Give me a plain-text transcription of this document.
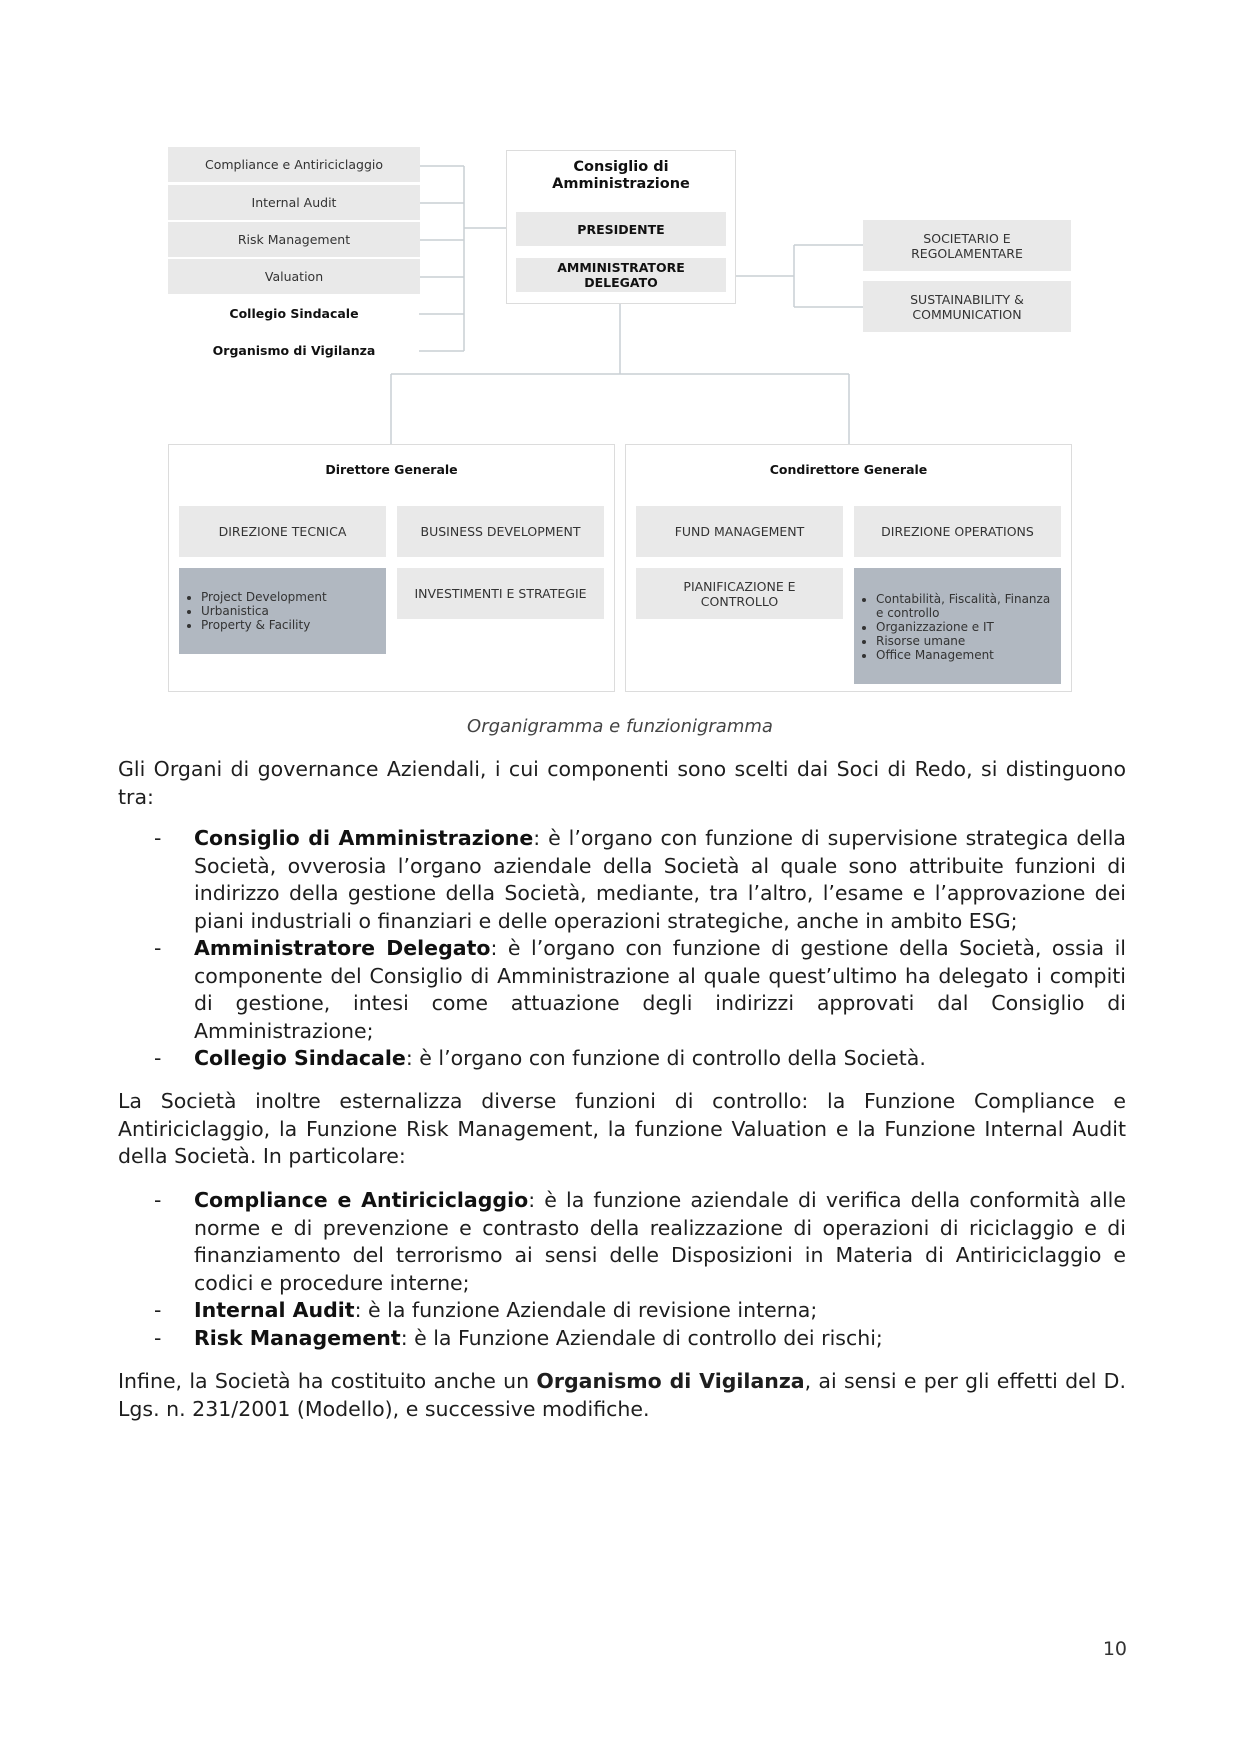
Compliance e Antiriciclaggio
Internal Audit
Risk Management
Valuation
Collegio Sindacale
Organismo di Vigilanza
Consiglio di Amministrazione
PRESIDENTE
AMMINISTRATORE DELEGATO
SOCIETARIO E REGOLAMENTARE
SUSTAINABILITY & COMMUNICATION
Direttore Generale
DIREZIONE TECNICA	BUSINESS DEVELOPMENT
• Project Development
• Urbanistica
• Property & Facility
INVESTIMENTI E STRATEGIE
Condirettore Generale
FUND MANAGEMENT	DIREZIONE OPERATIONS
PIANIFICAZIONE E CONTROLLO
•	Contabilità, Fiscalità, Finanza e controllo
• Organizzazione e IT
• Risorse umane
• Office Management
Organigramma e funzionigramma

Gli Organi di governance Aziendali, i cui componenti sono scelti dai Soci di Redo, si distinguono tra:

- Consiglio di Amministrazione: è l’organo con funzione di supervisione strategica della Società, ovverosia l’organo aziendale della Società al quale sono attribuite funzioni di indirizzo della gestione della Società, mediante, tra l’altro, l’esame e l’approvazione dei piani industriali o finanziari e delle operazioni strategiche, anche in ambito ESG;
- Amministratore Delegato: è l’organo con funzione di gestione della Società, ossia il componente del Consiglio di Amministrazione al quale quest’ultimo ha delegato i compiti di gestione, intesi come attuazione degli indirizzi approvati dal Consiglio di Amministrazione;
- Collegio Sindacale: è l’organo con funzione di controllo della Società.

La Società inoltre esternalizza diverse funzioni di controllo: la Funzione Compliance e Antiriciclaggio, la Funzione Risk Management, la funzione Valuation e la Funzione Internal Audit della Società. In particolare:

- Compliance e Antiriciclaggio: è la funzione aziendale di verifica della conformità alle norme e di prevenzione e contrasto della realizzazione di operazioni di riciclaggio e di finanziamento del terrorismo ai sensi delle Disposizioni in Materia di Antiriciclaggio e codici e procedure interne;
- Internal Audit: è la funzione Aziendale di revisione interna;
- Risk Management: è la Funzione Aziendale di controllo dei rischi;

Infine, la Società ha costituito anche un Organismo di Vigilanza, ai sensi e per gli effetti del D. Lgs. n. 231/2001 (Modello), e successive modifiche.

10
